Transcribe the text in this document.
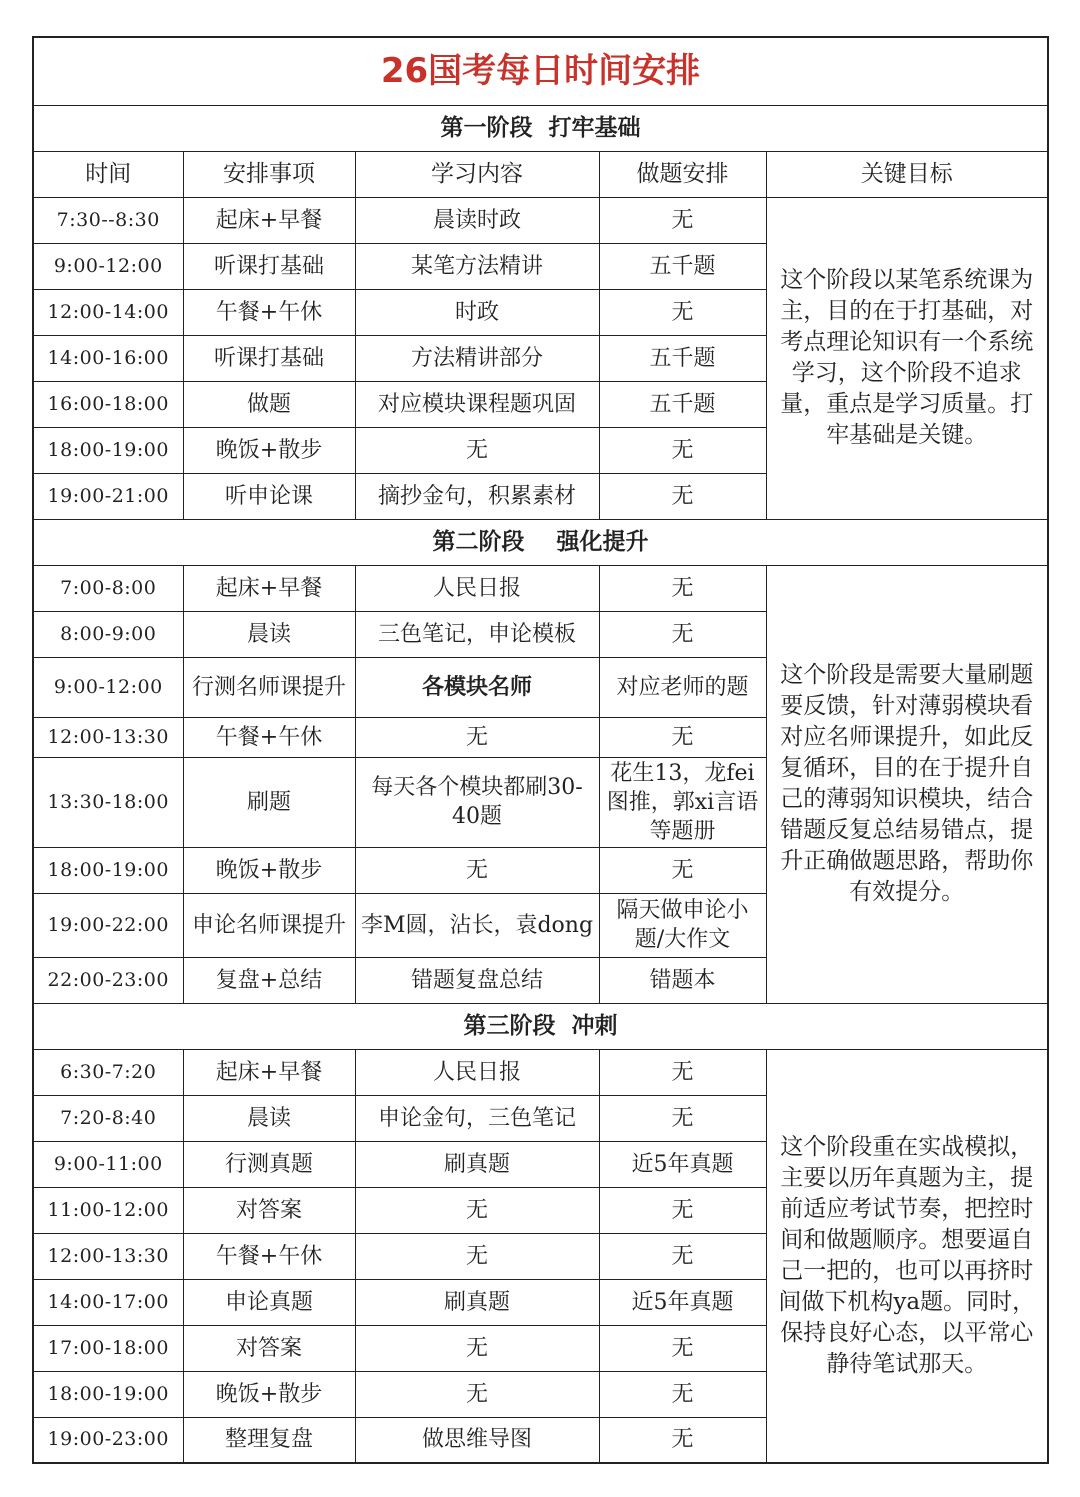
26国考每日时间安排				
第一阶段  打牢基础				
时间	安排事项	学习内容	做题安排	关键目标
7:30--8:30	起床+早餐	晨读时政	无	这个阶段以某笔系统课为主，目的在于打基础，对考点理论知识有一个系统学习，这个阶段不追求量，重点是学习质量。打牢基础是关键。
9:00-12:00	听课打基础	某笔方法精讲	五千题	
12:00-14:00	午餐+午休	时政	无	
14:00-16:00	听课打基础	方法精讲部分	五千题	
16:00-18:00	做题	对应模块课程题巩固	五千题	
18:00-19:00	晚饭+散步	无	无	
19:00-21:00	听申论课	摘抄金句，积累素材	无	
第二阶段    强化提升				
7:00-8:00	起床+早餐	人民日报	无	这个阶段是需要大量刷题要反馈，针对薄弱模块看对应名师课提升，如此反复循环，目的在于提升自己的薄弱知识模块，结合错题反复总结易错点，提升正确做题思路，帮助你有效提分。
8:00-9:00	晨读	三色笔记，申论模板	无	
9:00-12:00	行测名师课提升	各模块名师	对应老师的题	
12:00-13:30	午餐+午休	无	无	
13:30-18:00	刷题	每天各个模块都刷30-40题	花生13，龙fei图推，郭xi言语等题册	
18:00-19:00	晚饭+散步	无	无	
19:00-22:00	申论名师课提升	李M圆，沾长，袁dong	隔天做申论小题/大作文	
22:00-23:00	复盘+总结	错题复盘总结	错题本	
第三阶段  冲刺				
6:30-7:20	起床+早餐	人民日报	无	这个阶段重在实战模拟，主要以历年真题为主，提前适应考试节奏，把控时间和做题顺序。想要逼自己一把的，也可以再挤时间做下机构ya题。同时，保持良好心态，以平常心静待笔试那天。
7:20-8:40	晨读	申论金句，三色笔记	无	
9:00-11:00	行测真题	刷真题	近5年真题	
11:00-12:00	对答案	无	无	
12:00-13:30	午餐+午休	无	无	
14:00-17:00	申论真题	刷真题	近5年真题	
17:00-18:00	对答案	无	无	
18:00-19:00	晚饭+散步	无	无	
19:00-23:00	整理复盘	做思维导图	无	
